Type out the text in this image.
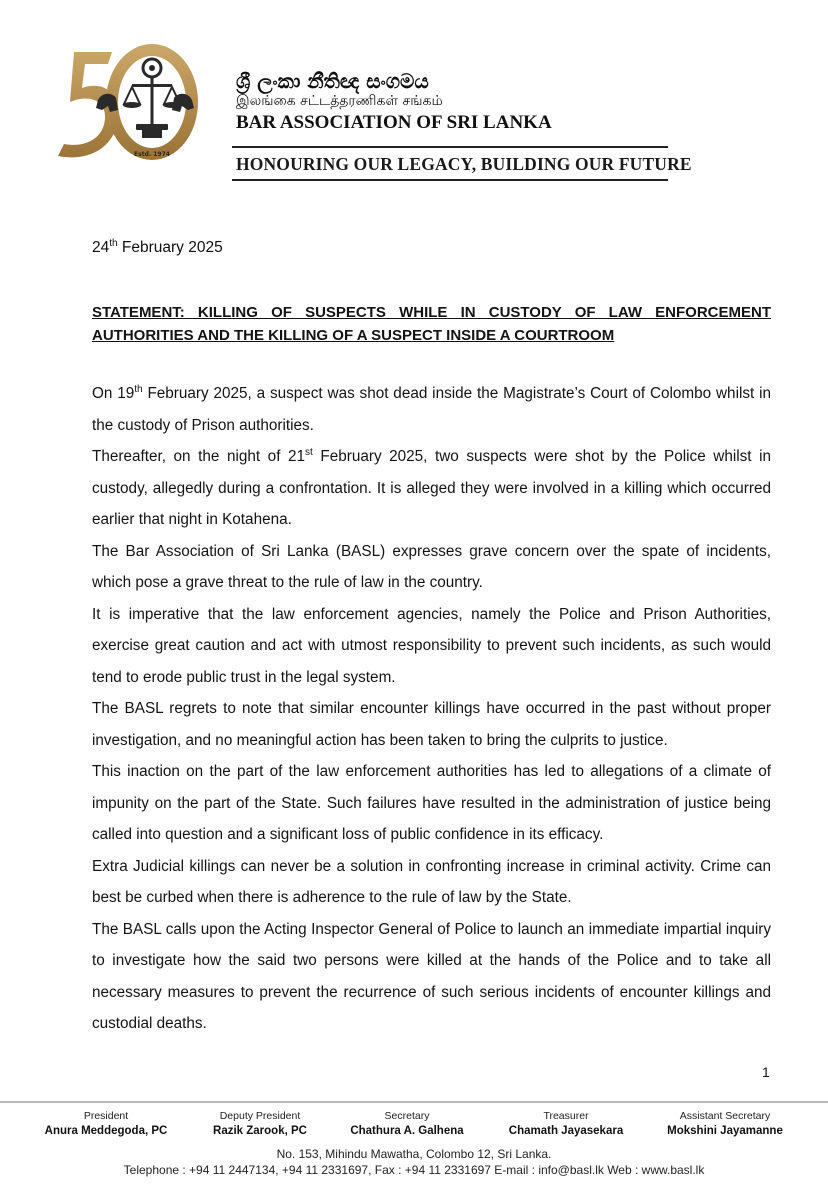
Estd. 1974
ශ්‍රී ලංකා නීතිඥ සංගමය
இலங்கை சட்டத்தரணிகள் சங்கம்
BAR ASSOCIATION OF SRI LANKA
HONOURING OUR LEGACY, BUILDING OUR FUTURE
24th February 2025
STATEMENT: KILLING OF SUSPECTS WHILE IN CUSTODY OF LAW ENFORCEMENT AUTHORITIES AND THE KILLING OF A SUSPECT INSIDE A COURTROOM

On 19th February 2025, a suspect was shot dead inside the Magistrate’s Court of Colombo whilst in the custody of Prison authorities.

Thereafter, on the night of 21st February 2025, two suspects were shot by the Police whilst in custody, allegedly during a confrontation. It is alleged they were involved in a killing which occurred earlier that night in Kotahena.

The Bar Association of Sri Lanka (BASL) expresses grave concern over the spate of incidents, which pose a grave threat to the rule of law in the country.

It is imperative that the law enforcement agencies, namely the Police and Prison Authorities, exercise great caution and act with utmost responsibility to prevent such incidents, as such would tend to erode public trust in the legal system.

The BASL regrets to note that similar encounter killings have occurred in the past without proper investigation, and no meaningful action has been taken to bring the culprits to justice.

This inaction on the part of the law enforcement authorities has led to allegations of a climate of impunity on the part of the State. Such failures have resulted in the administration of justice being called into question and a significant loss of public confidence in its efficacy.

Extra Judicial killings can never be a solution in confronting increase in criminal activity. Crime can best be curbed when there is adherence to the rule of law by the State.

The BASL calls upon the Acting Inspector General of Police to launch an immediate impartial inquiry to investigate how the said two persons were killed at the hands of the Police and to take all necessary measures to prevent the recurrence of such serious incidents of encounter killings and custodial deaths.

1
President
Anura Meddegoda, PC
Deputy President
Razik Zarook, PC
Secretary
Chathura A. Galhena
Treasurer
Chamath Jayasekara
Assistant Secretary
Mokshini Jayamanne
No. 153, Mihindu Mawatha, Colombo 12, Sri Lanka.
Telephone : +94 11 2447134, +94 11 2331697, Fax : +94 11 2331697 E-mail : info@basl.lk Web : www.basl.lk
